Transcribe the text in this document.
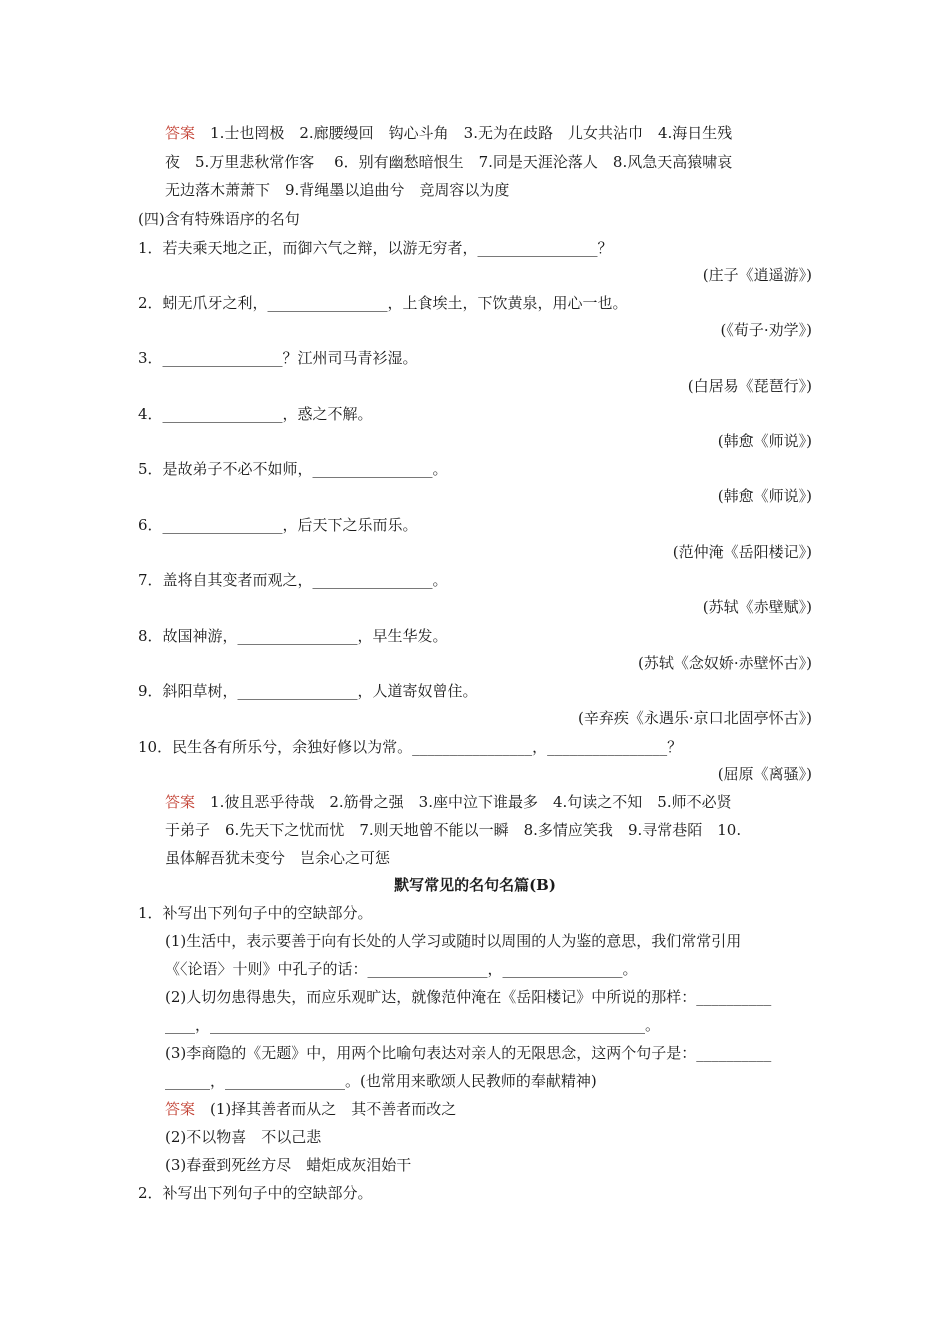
答案　 1.士也罔极　2.廊腰缦回　钩心斗角　3.无为在歧路　儿女共沾巾　4.海日生残
夜　5.万里悲秋常作客　 6．别有幽愁暗恨生　7.同是天涯沦落人　8.风急天高猿啸哀
无边落木萧萧下　9.背绳墨以追曲兮　竞周容以为度
(四)含有特殊语序的名句
1．若夫乘天地之正，而御六气之辩，以游无穷者，________________？
(庄子《逍遥游》)
2．蚓无爪牙之利，________________，上食埃土，下饮黄泉，用心一也。
(《荀子·劝学》)
3．________________？江州司马青衫湿。
(白居易《琵琶行》)
4．________________，惑之不解。
(韩愈《师说》)
5．是故弟子不必不如师，________________。
(韩愈《师说》)
6．________________，后天下之乐而乐。
(范仲淹《岳阳楼记》)
7．盖将自其变者而观之，________________。
(苏轼《赤壁赋》)
8．故国神游，________________，早生华发。
(苏轼《念奴娇·赤壁怀古》)
9．斜阳草树，________________，人道寄奴曾住。
(辛弃疾《永遇乐·京口北固亭怀古》)
10．民生各有所乐兮，余独好修以为常。________________，________________？
(屈原《离骚》)
答案　 1.彼且恶乎待哉　2.筋骨之强　3.座中泣下谁最多　4.句读之不知　5.师不必贤
于弟子　6.先天下之忧而忧　7.则天地曾不能以一瞬　8.多情应笑我　9.寻常巷陌　10.
虽体解吾犹未变兮　岂余心之可惩
默写常见的名句名篇(B)
1．补写出下列句子中的空缺部分。
(1)生活中，表示要善于向有长处的人学习或随时以周围的人为鉴的意思，我们常常引用
《〈论语〉十则》中孔子的话：________________，________________。
(2)人切勿患得患失，而应乐观旷达，就像范仲淹在《岳阳楼记》中所说的那样：__________
____，__________________________________________________________。
(3)李商隐的《无题》中，用两个比喻句表达对亲人的无限思念，这两个句子是：__________
______，________________。(也常用来歌颂人民教师的奉献精神)
答案　 (1)择其善者而从之　其不善者而改之
(2)不以物喜　不以己悲
(3)春蚕到死丝方尽　蜡炬成灰泪始干
2．补写出下列句子中的空缺部分。
